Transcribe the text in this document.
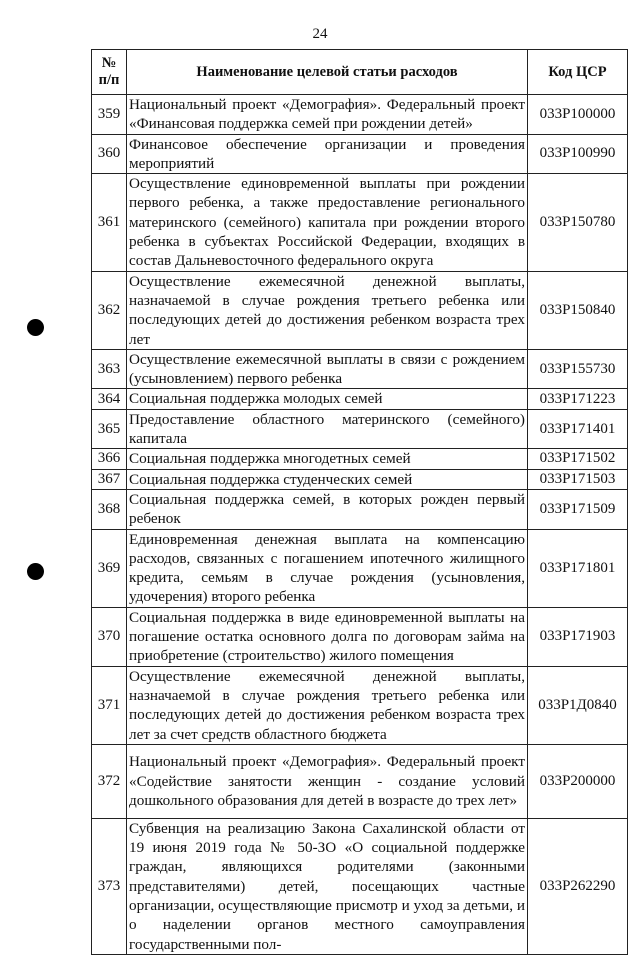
24
№ п/п	Наименование целевой статьи расходов	Код ЦСР
359	Национальный проект «Демография». Федеральный проект «Финансовая поддержка семей при рождении детей»	033P100000
360	Финансовое обеспечение организации и проведения мероприятий	033P100990
361	Осуществление единовременной выплаты при рождении первого ребенка, а также предоставление регионального материнского (семейного) капитала при рождении второго ребенка в субъектах Российской Федерации, входящих в состав Дальневосточного федерального округа	033P150780
362	Осуществление ежемесячной денежной выплаты, назначаемой в случае рождения третьего ребенка или последующих детей до достижения ребенком возраста трех лет	033P150840
363	Осуществление ежемесячной выплаты в связи с рождением (усыновлением) первого ребенка	033P155730
364	Социальная поддержка молодых семей	033P171223
365	Предоставление областного материнского (семейного) капитала	033P171401
366	Социальная поддержка многодетных семей	033P171502
367	Социальная поддержка студенческих семей	033P171503
368	Социальная поддержка семей, в которых рожден первый ребенок	033P171509
369	Единовременная денежная выплата на компенсацию расходов, связанных с погашением ипотечного жилищного кредита, семьям в случае рождения (усыновления, удочерения) второго ребенка	033P171801
370	Социальная поддержка в виде единовременной выплаты на погашение остатка основного долга по договорам займа на приобретение (строительство) жилого помещения	033P171903
371	Осуществление ежемесячной денежной выплаты, назначаемой в случае рождения третьего ребенка или последующих детей до достижения ребенком возраста трех лет за счет средств областного бюджета	033P1Д0840
372	Национальный проект «Демография». Федеральный проект «Содействие занятости женщин - создание условий дошкольного образования для детей в возрасте до трех лет»	033P200000
373	Субвенция на реализацию Закона Сахалинской области от 19 июня 2019 года № 50-ЗО «О социальной поддержке граждан, являющихся родителями (законными представителями) детей, посещающих частные организации, осуществляющие присмотр и уход за детьми, и о наделении органов местного самоуправления государственными пол-	033P262290
